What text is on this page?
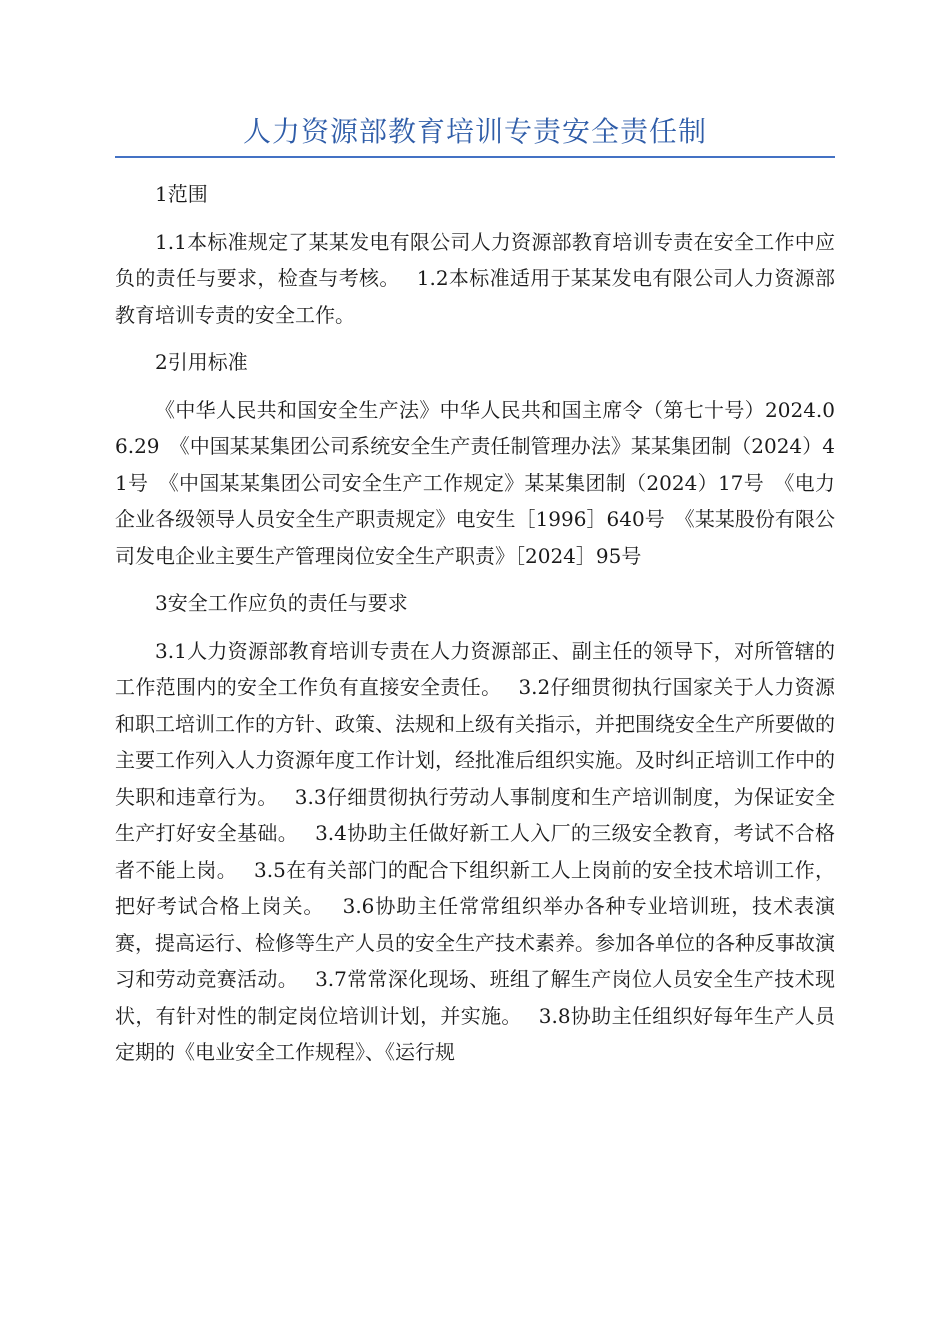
人力资源部教育培训专责安全责任制

1范围

1.1本标准规定了某某发电有限公司人力资源部教育培训专责在安全工作中应负的责任与要求，检查与考核。　 1.2本标准适用于某某发电有限公司人力资源部教育培训专责的安全工作。

2引用标准

《中华人民共和国安全生产法》中华人民共和国主席令（第七十号）2024.06.29　《中国某某集团公司系统安全生产责任制管理办法》某某集团制（2024）41号　《中国某某集团公司安全生产工作规定》某某集团制（2024）17号　《电力企业各级领导人员安全生产职责规定》电安生［1996］640号　《某某股份有限公司发电企业主要生产管理岗位安全生产职责》［2024］95号

3安全工作应负的责任与要求

3.1人力资源部教育培训专责在人力资源部正、副主任的领导下，对所管辖的工作范围内的安全工作负有直接安全责任。　 3.2仔细贯彻执行国家关于人力资源和职工培训工作的方针、政策、法规和上级有关指示，并把围绕安全生产所要做的主要工作列入人力资源年度工作计划，经批准后组织实施。及时纠正培训工作中的失职和违章行为。　 3.3仔细贯彻执行劳动人事制度和生产培训制度，为保证安全生产打好安全基础。　 3.4协助主任做好新工人入厂的三级安全教育，考试不合格者不能上岗。　 3.5在有关部门的配合下组织新工人上岗前的安全技术培训工作，把好考试合格上岗关。　 3.6协助主任常常组织举办各种专业培训班，技术表演赛，提高运行、检修等生产人员的安全生产技术素养。参加各单位的各种反事故演习和劳动竞赛活动。　 3.7常常深化现场、班组了解生产岗位人员安全生产技术现状，有针对性的制定岗位培训计划，并实施。　 3.8协助主任组织好每年生产人员定期的《电业安全工作规程》、《运行规
